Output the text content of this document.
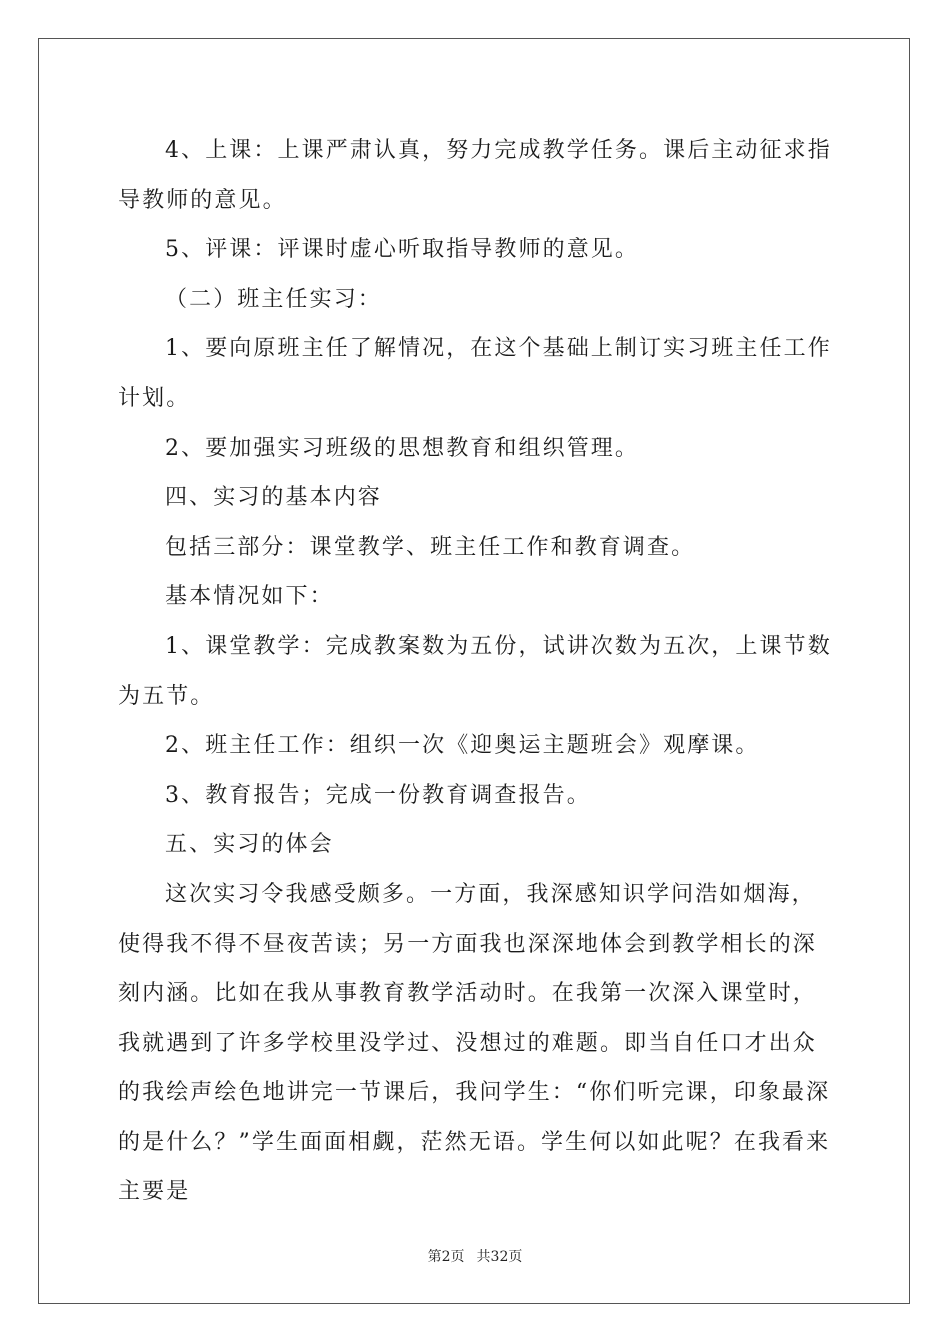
4、上课：上课严肃认真，努力完成教学任务。课后主动征求指导教师的意见。

5、评课：评课时虚心听取指导教师的意见。

（二）班主任实习：

1、要向原班主任了解情况，在这个基础上制订实习班主任工作计划。

2、要加强实习班级的思想教育和组织管理。

四、实习的基本内容

包括三部分：课堂教学、班主任工作和教育调查。

基本情况如下：

1、课堂教学：完成教案数为五份，试讲次数为五次，上课节数为五节。

2、班主任工作：组织一次《迎奥运主题班会》观摩课。

3、教育报告；完成一份教育调查报告。

五、实习的体会

这次实习令我感受颇多。一方面，我深感知识学问浩如烟海，使得我不得不昼夜苦读；另一方面我也深深地体会到教学相长的深刻内涵。比如在我从事教育教学活动时。在我第一次深入课堂时，我就遇到了许多学校里没学过、没想过的难题。即当自任口才出众的我绘声绘色地讲完一节课后，我问学生：“你们听完课，印象最深的是什么？”学生面面相觑，茫然无语。学生何以如此呢？在我看来主要是

第2页 共32页
